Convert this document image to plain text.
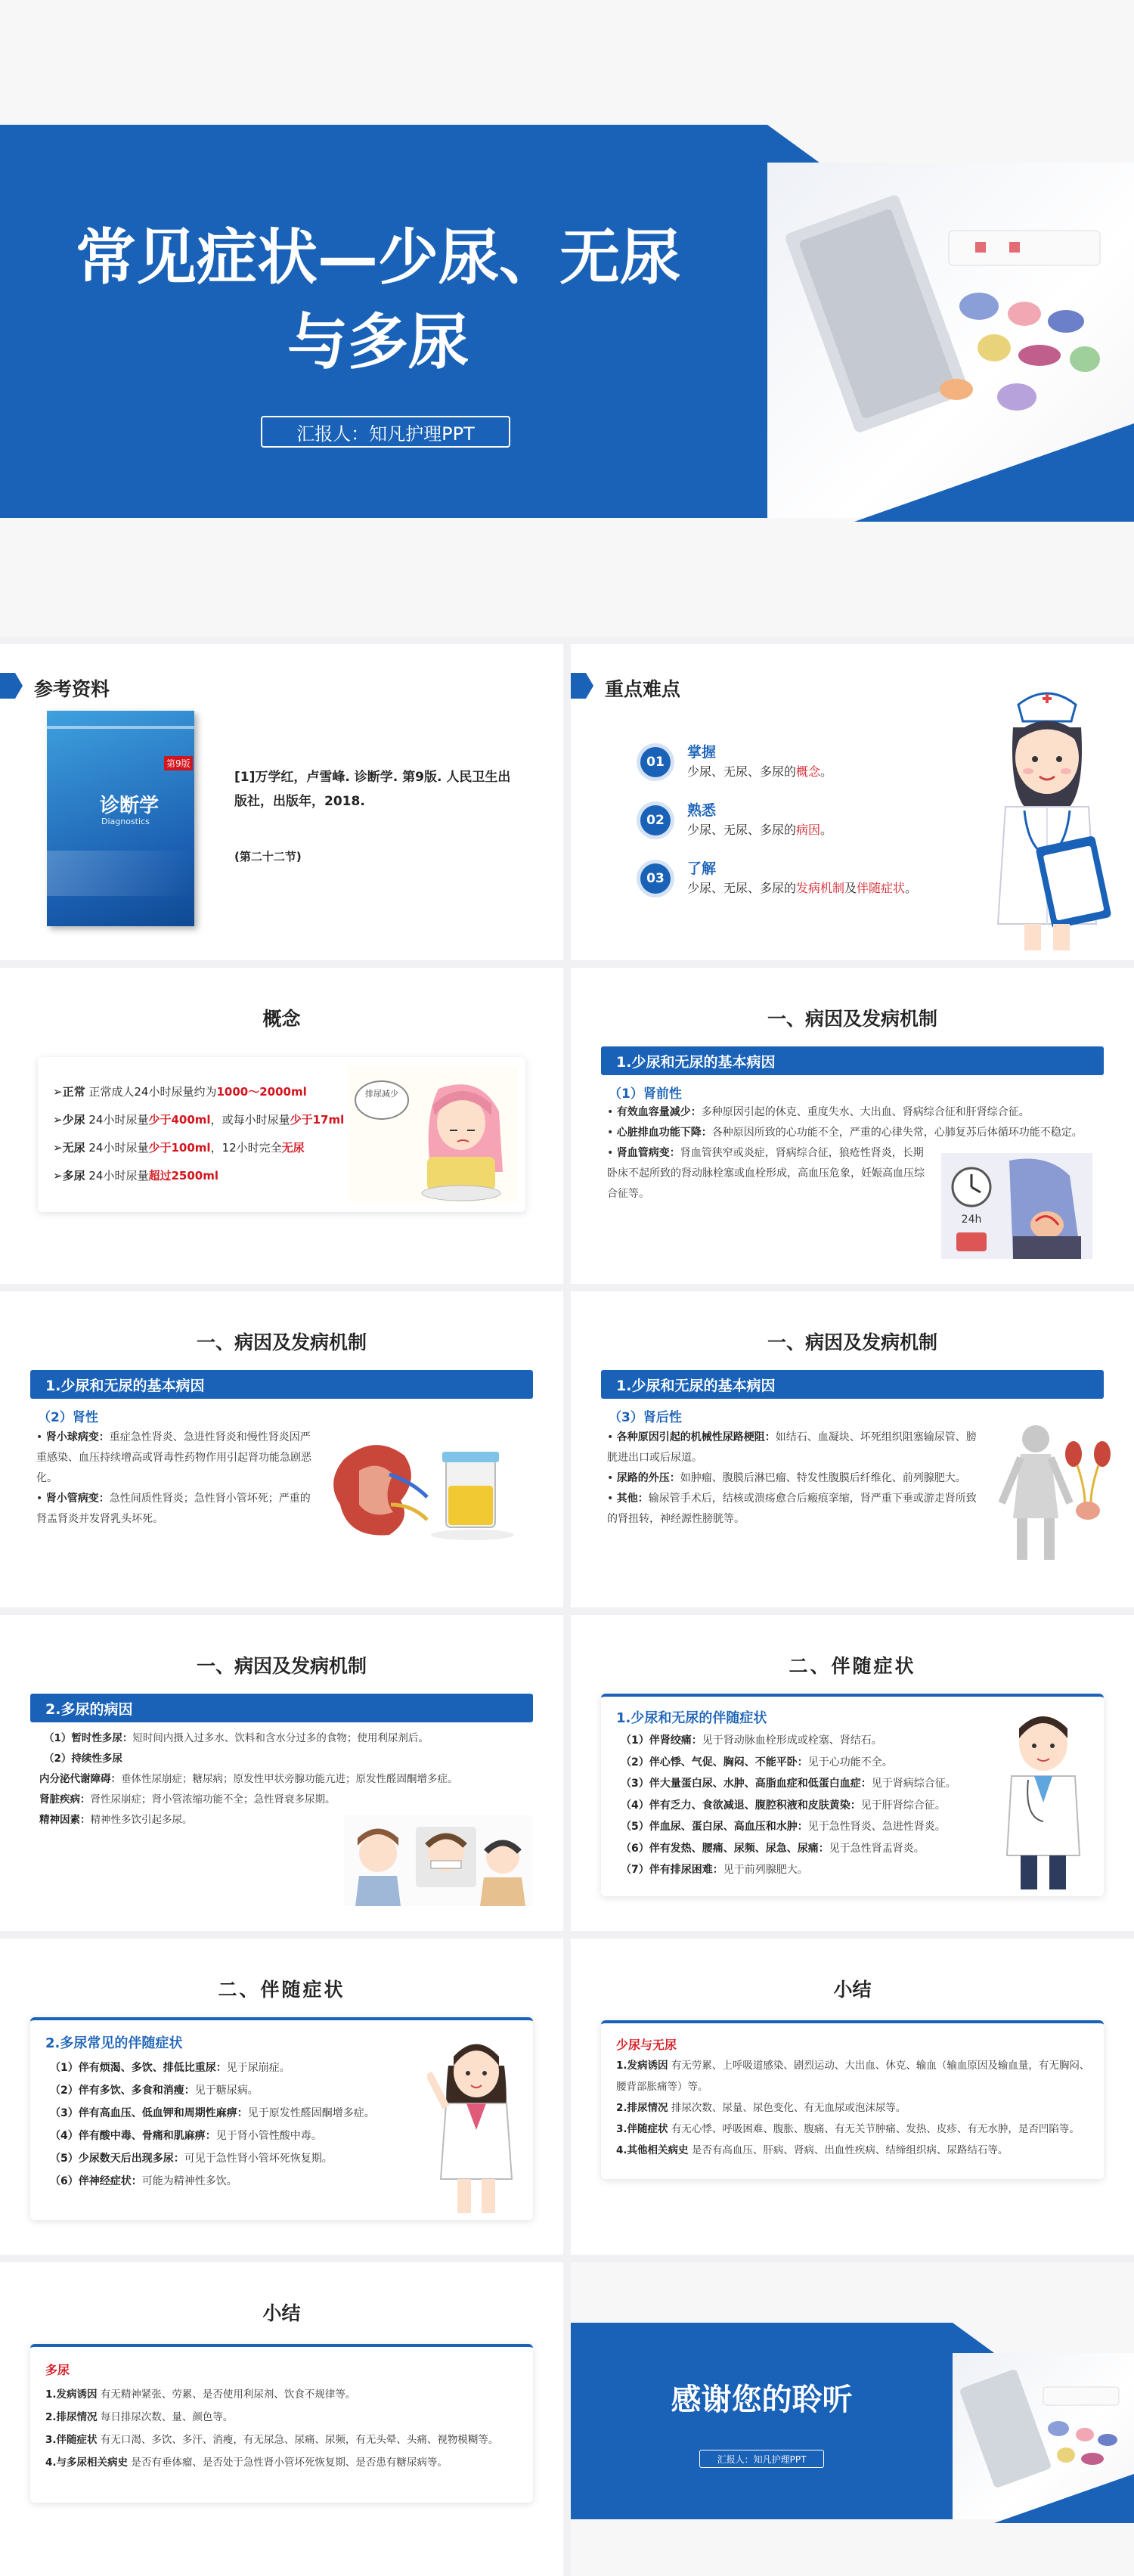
常见症状—少尿、无尿
与多尿
汇报人：知凡护理PPT
参考资料
诊断学
Diagnostics
第9版
[1]万学红，卢雪峰. 诊断学. 第9版. 人民卫生出版社，出版年，2018.
(第二十二节)
重点难点
01
掌握
少尿、无尿、多尿的概念。
02
熟悉
少尿、无尿、多尿的病因。
03
了解
少尿、无尿、多尿的发病机制及伴随症状。
概念
➢正常 正常成人24小时尿量约为1000～2000ml
➢少尿 24小时尿量少于400ml，或每小时尿量少于17ml
➢无尿 24小时尿量少于100ml，12小时完全无尿
➢多尿 24小时尿量超过2500ml
排尿减少
一、病因及发病机制
1.少尿和无尿的基本病因
（1）肾前性
• 有效血容量减少：多种原因引起的休克、重度失水、大出血、肾病综合征和肝肾综合征。
• 心脏排血功能下降：各种原因所致的心功能不全，严重的心律失常，心肺复苏后体循环功能不稳定。
• 肾血管病变：肾血管狭窄或炎症，肾病综合征，狼疮性肾炎，长期卧床不起所致的肾动脉栓塞或血栓形成，高血压危象，妊娠高血压综合征等。
24h
一、病因及发病机制
1.少尿和无尿的基本病因
（2）肾性
• 肾小球病变：重症急性肾炎、急进性肾炎和慢性肾炎因严重感染、血压持续增高或肾毒性药物作用引起肾功能急剧恶化。
• 肾小管病变：急性间质性肾炎；急性肾小管坏死；严重的肾盂肾炎并发肾乳头坏死。
一、病因及发病机制
1.少尿和无尿的基本病因
（3）肾后性
• 各种原因引起的机械性尿路梗阻：如结石、血凝块、坏死组织阻塞输尿管、膀胱进出口或后尿道。
• 尿路的外压：如肿瘤、腹膜后淋巴瘤、特发性腹膜后纤维化、前列腺肥大。
• 其他：输尿管手术后，结核或溃疡愈合后瘢痕挛缩，肾严重下垂或游走肾所致的肾扭转，神经源性膀胱等。
一、病因及发病机制
2.多尿的病因
（1）暂时性多尿：短时间内摄入过多水、饮料和含水分过多的食物；使用利尿剂后。
（2）持续性多尿
内分泌代谢障碍：垂体性尿崩症；糖尿病；原发性甲状旁腺功能亢进；原发性醛固酮增多症。
肾脏疾病：肾性尿崩症；肾小管浓缩功能不全；急性肾衰多尿期。
精神因素：精神性多饮引起多尿。
二、伴随症状
1.少尿和无尿的伴随症状
（1）伴肾绞痛：见于肾动脉血栓形成或栓塞、肾结石。
（2）伴心悸、气促、胸闷、不能平卧：见于心功能不全。
（3）伴大量蛋白尿、水肿、高脂血症和低蛋白血症：见于肾病综合征。
（4）伴有乏力、食欲减退、腹腔积液和皮肤黄染：见于肝肾综合征。
（5）伴血尿、蛋白尿、高血压和水肿：见于急性肾炎、急进性肾炎。
（6）伴有发热、腰痛、尿频、尿急、尿痛：见于急性肾盂肾炎。
（7）伴有排尿困难：见于前列腺肥大。
二、伴随症状
2.多尿常见的伴随症状
（1）伴有烦渴、多饮、排低比重尿：见于尿崩症。
（2）伴有多饮、多食和消瘦：见于糖尿病。
（3）伴有高血压、低血钾和周期性麻痹：见于原发性醛固酮增多症。
（4）伴有酸中毒、骨痛和肌麻痹：见于肾小管性酸中毒。
（5）少尿数天后出现多尿：可见于急性肾小管坏死恢复期。
（6）伴神经症状：可能为精神性多饮。
小结
少尿与无尿
1.发病诱因 有无劳累、上呼吸道感染、剧烈运动、大出血、休克、输血（输血原因及输血量，有无胸闷、腰背部胀痛等）等。
2.排尿情况 排尿次数、尿量、尿色变化、有无血尿或泡沫尿等。
3.伴随症状 有无心悸、呼吸困难、腹胀、腹痛、有无关节肿痛、发热、皮疹、有无水肿，是否凹陷等。
4.其他相关病史 是否有高血压、肝病、肾病、出血性疾病、结缔组织病、尿路结石等。
小结
多尿
1.发病诱因 有无精神紧张、劳累、是否使用利尿剂、饮食不规律等。
2.排尿情况 每日排尿次数、量、颜色等。
3.伴随症状 有无口渴、多饮、多汗、消瘦，有无尿急、尿痛、尿频，有无头晕、头痛、视物模糊等。
4.与多尿相关病史 是否有垂体瘤、是否处于急性肾小管坏死恢复期、是否患有糖尿病等。
感谢您的聆听
汇报人：知凡护理PPT
